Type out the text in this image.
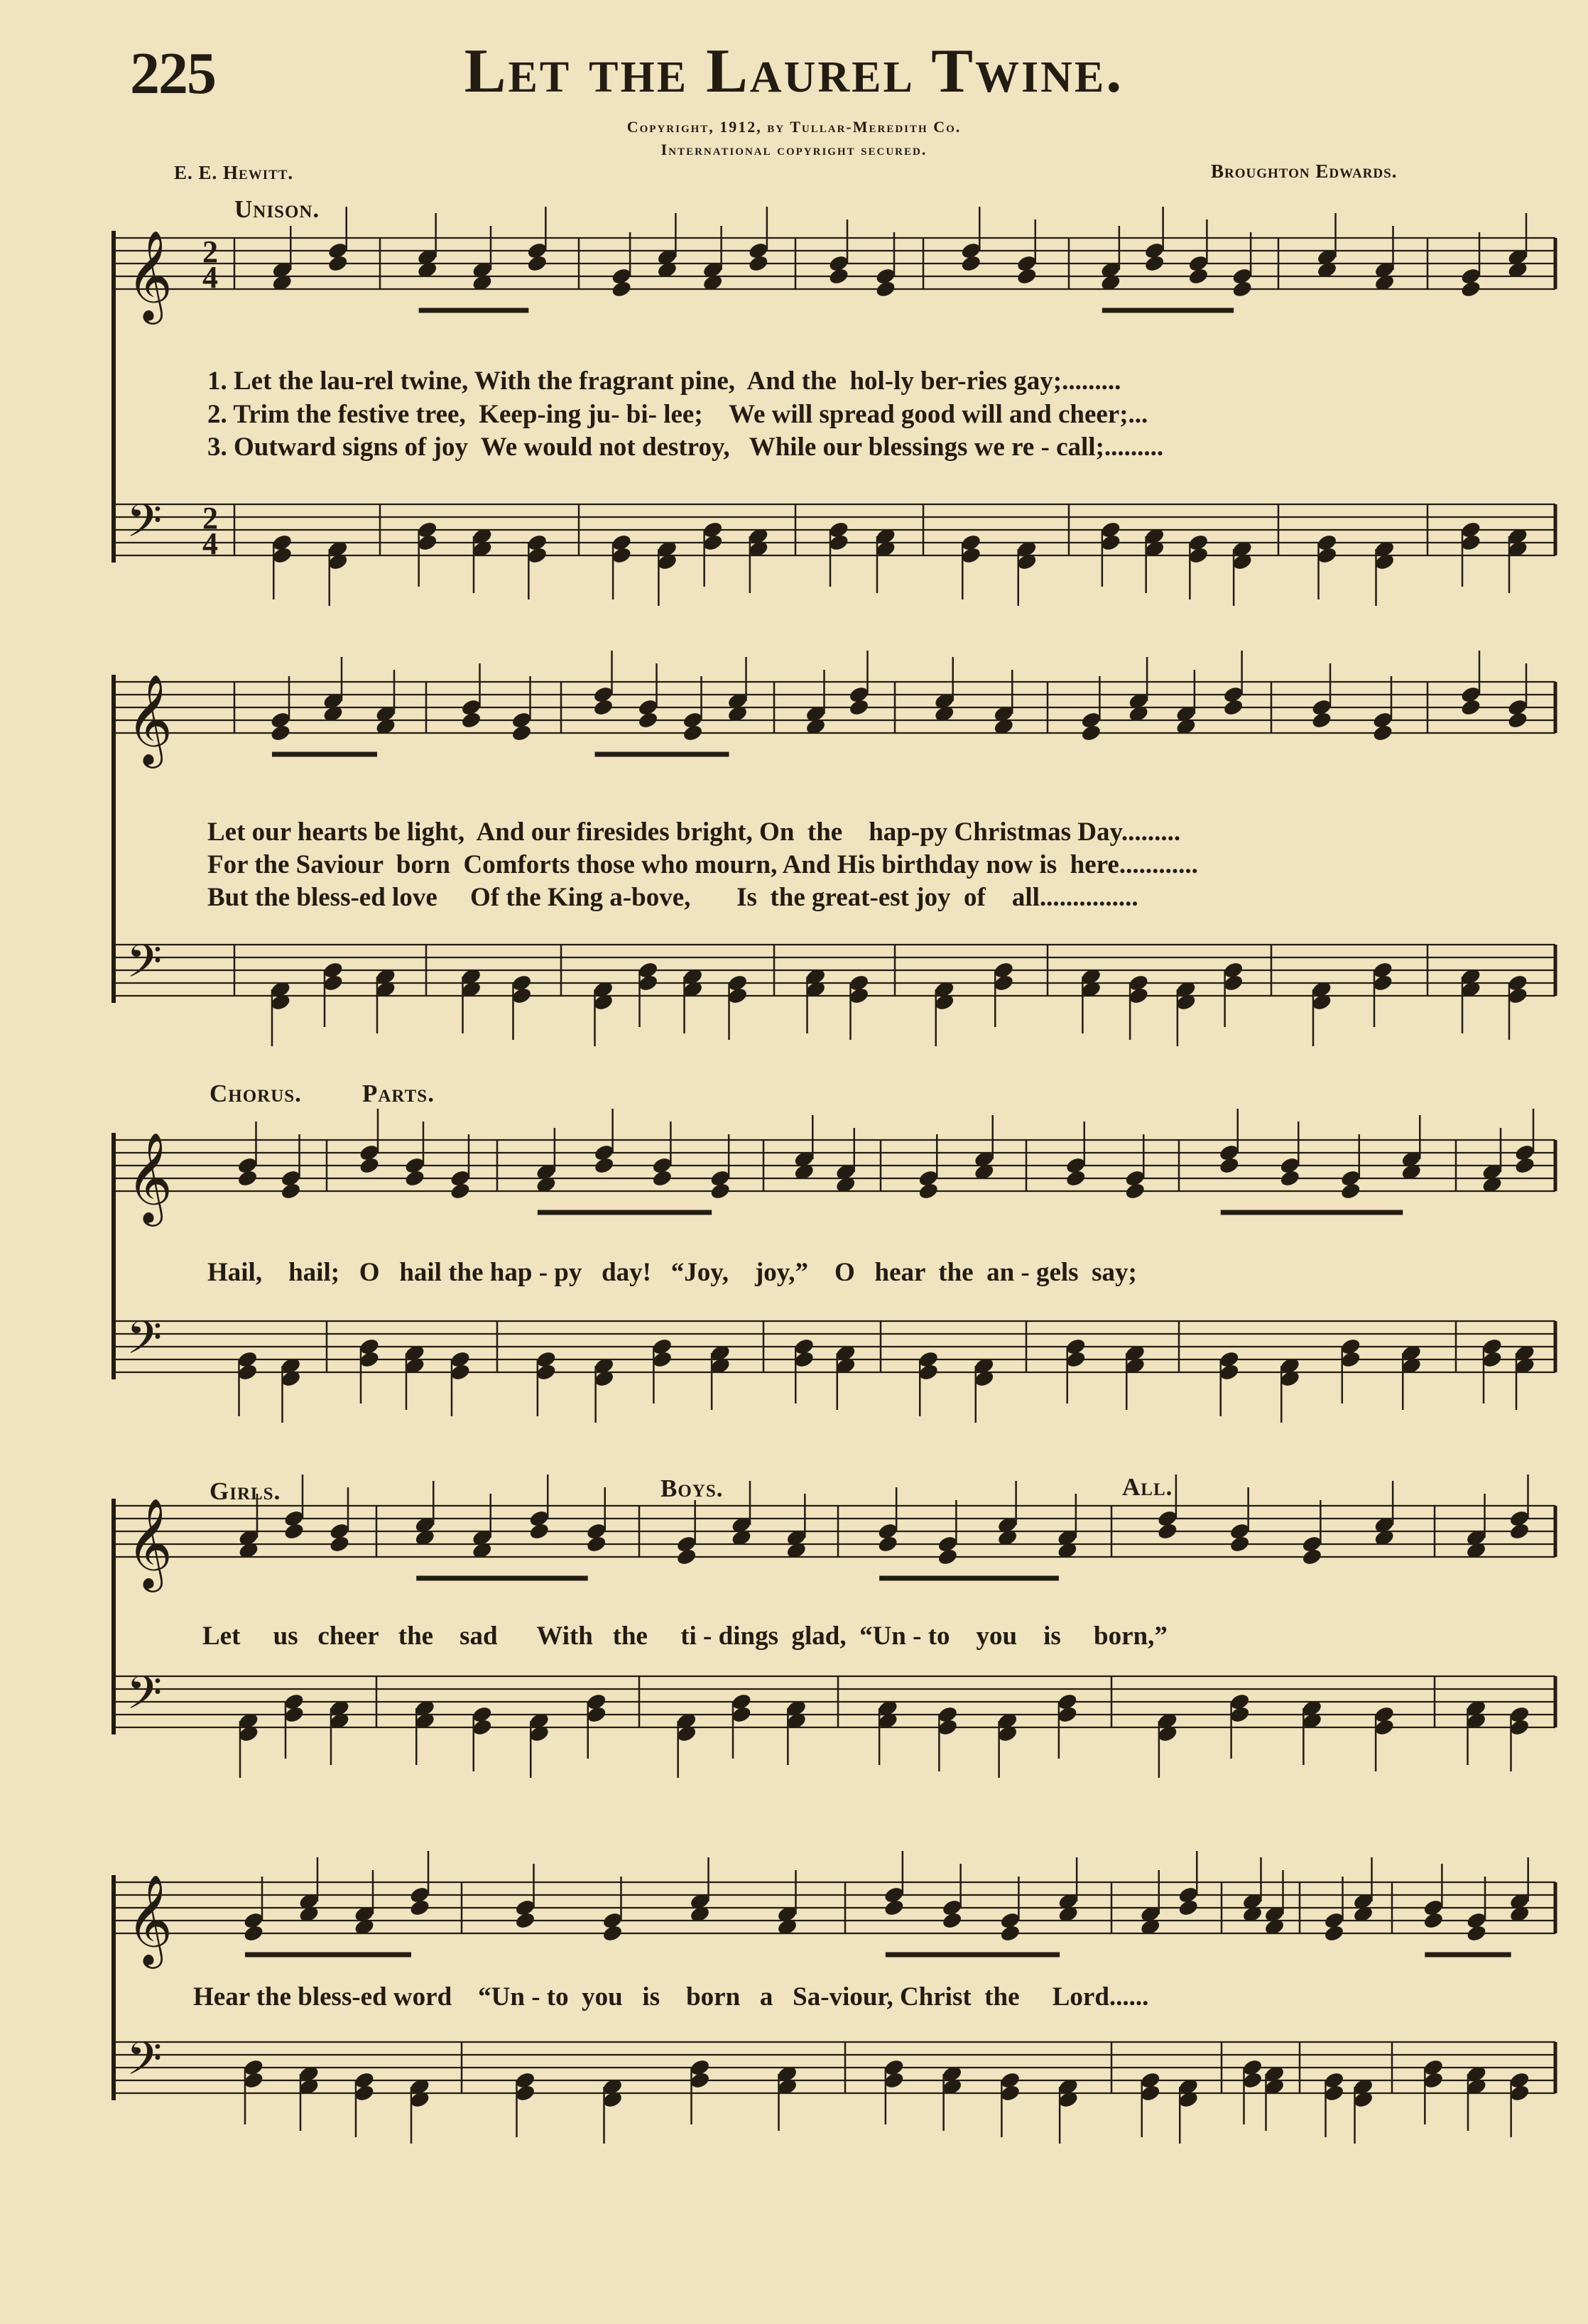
225	Let the Laurel Twine.
Copyright, 1912, by Tullar-Meredith Co.
International copyright secured.
E. E. Hewitt.	Broughton Edwards.
Unison.
Chorus. Parts.
Girls.	Boys.	All.
1. Let the lau-rel twine, With the fragrant pine,  And the  hol-ly ber-ries gay;.........
2. Trim the festive tree,  Keep-ing ju- bi- lee;    We will spread good will and cheer;...
3. Outward signs of joy  We would not destroy,   While our blessings we re - call;.........
Let our hearts be light,  And our firesides bright, On  the    hap-py Christmas Day.........
For the Saviour  born  Comforts those who mourn, And His birthday now is  here............
But the bless-ed love     Of the King a-bove,       Is  the great-est joy  of    all...............
Hail,    hail;   O   hail the hap - py   day!   “Joy,    joy,”    O   hear  the  an - gels  say;
Let     us   cheer   the    sad      With   the     ti - dings  glad,  “Un - to    you    is     born,”
Hear the bless-ed word    “Un - to  you   is    born   a   Sa-viour, Christ  the     Lord......
𝄞 2
4
𝄢 2
4
𝄞
𝄢
𝄞
𝄢
𝄞
𝄢
𝄞
𝄢
